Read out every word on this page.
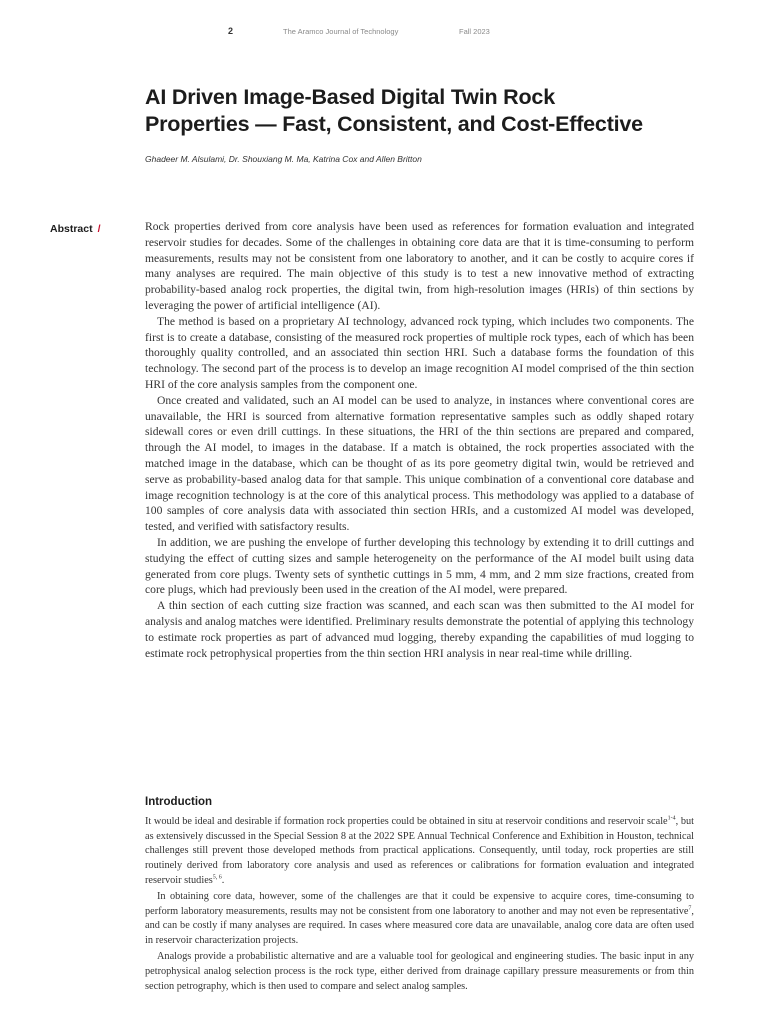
2	The Aramco Journal of Technology	Fall 2023
AI Driven Image-Based Digital Twin Rock
Properties — Fast, Consistent, and Cost-Effective
Ghadeer M. Alsulami, Dr. Shouxiang M. Ma, Katrina Cox and Allen Britton
Abstract /	Rock properties derived from core analysis have been used as references for formation evaluation and integrated reservoir studies for decades. Some of the challenges in obtaining core data are that it is time-consuming to perform measurements, results may not be consistent from one laboratory to another, and it can be costly to acquire cores if many analyses are required. The main objective of this study is to test a new innovative method of extracting probability-based analog rock properties, the digital twin, from high-resolution images (HRIs) of thin sections by leveraging the power of artificial intelligence (AI).

The method is based on a proprietary AI technology, advanced rock typing, which includes two components. The first is to create a database, consisting of the measured rock properties of multiple rock types, each of which has been thoroughly quality controlled, and an associated thin section HRI. Such a database forms the foundation of this technology. The second part of the process is to develop an image recognition AI model comprised of the thin section HRI of the core analysis samples from the component one.

Once created and validated, such an AI model can be used to analyze, in instances where conventional cores are unavailable, the HRI is sourced from alternative formation representative samples such as oddly shaped rotary sidewall cores or even drill cuttings. In these situations, the HRI of the thin sections are prepared and compared, through the AI model, to images in the database. If a match is obtained, the rock properties associated with the matched image in the database, which can be thought of as its pore geometry digital twin, would be retrieved and serve as probability-based analog data for that sample. This unique combination of a conventional core database and image recognition technology is at the core of this analytical process. This methodology was applied to a database of 100 samples of core analysis data with associated thin section HRIs, and a customized AI model was developed, tested, and verified with satisfactory results.

In addition, we are pushing the envelope of further developing this technology by extending it to drill cuttings and studying the effect of cutting sizes and sample heterogeneity on the performance of the AI model built using data generated from core plugs. Twenty sets of synthetic cuttings in 5 mm, 4 mm, and 2 mm size fractions, created from core plugs, which had previously been used in the creation of the AI model, were prepared.

A thin section of each cutting size fraction was scanned, and each scan was then submitted to the AI model for analysis and analog matches were identified. Preliminary results demonstrate the potential of applying this technology to estimate rock properties as part of advanced mud logging, thereby expanding the capabilities of mud logging to estimate rock petrophysical properties from the thin section HRI analysis in near real-time while drilling.

Introduction

It would be ideal and desirable if formation rock properties could be obtained in situ at reservoir conditions and reservoir scale$^{1-4}$, but as extensively discussed in the Special Session 8 at the 2022 SPE Annual Technical Conference and Exhibition in Houston, technical challenges still prevent those developed methods from practical applications. Consequently, until today, rock properties are still routinely derived from laboratory core analysis and used as references or calibrations for formation evaluation and integrated reservoir studies$^{5, 6}$.

In obtaining core data, however, some of the challenges are that it could be expensive to acquire cores, time-consuming to perform laboratory measurements, results may not be consistent from one laboratory to another and may not even be representative$^7$, and can be costly if many analyses are required. In cases where measured core data are unavailable, analog core data are often used in reservoir characterization projects.

Analogs provide a probabilistic alternative and are a valuable tool for geological and engineering studies. The basic input in any petrophysical analog selection process is the rock type, either derived from drainage capillary pressure measurements or from thin section petrography, which is then used to compare and select analog samples.
